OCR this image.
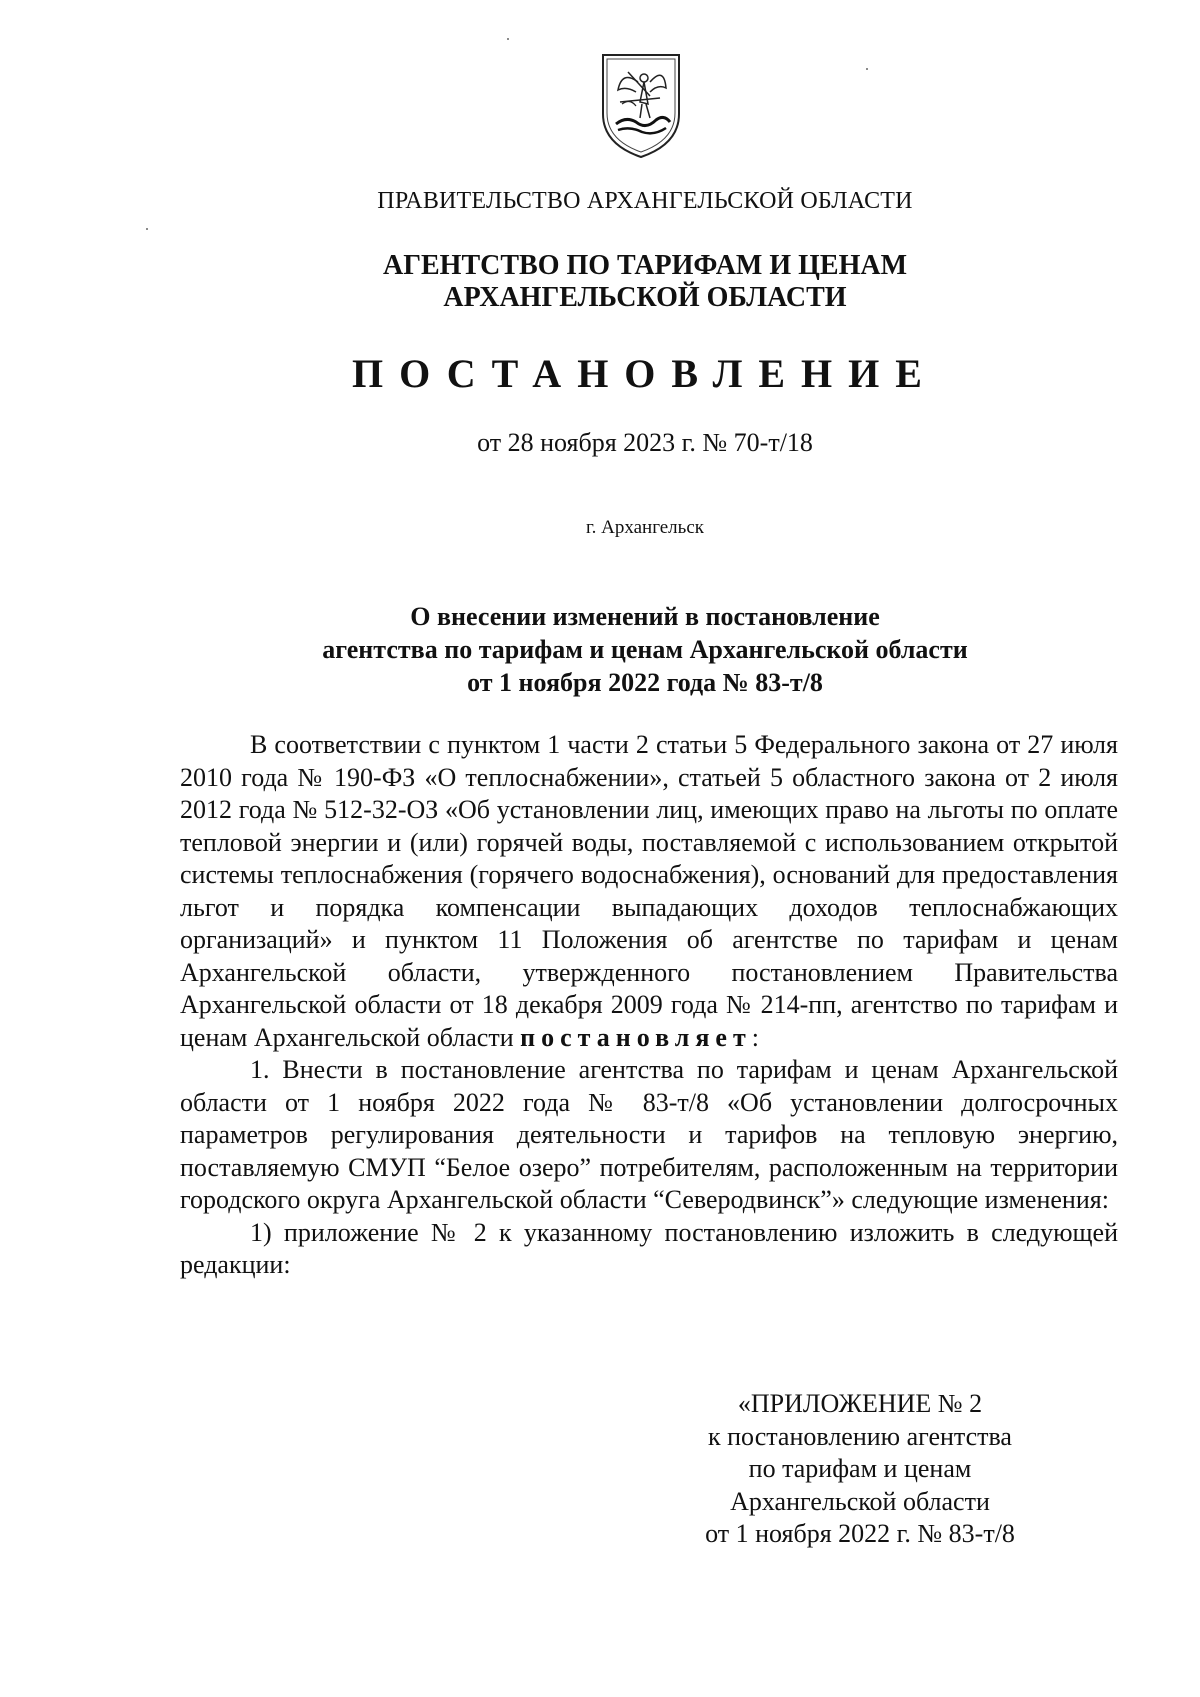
ПРАВИТЕЛЬСТВО АРХАНГЕЛЬСКОЙ ОБЛАСТИ
АГЕНТСТВО ПО ТАРИФАМ И ЦЕНАМ
АРХАНГЕЛЬСКОЙ ОБЛАСТИ
ПОСТАНОВЛЕНИЕ
от 28 ноября 2023 г. № 70-т/18
г. Архангельск
О внесении изменений в постановление
агентства по тарифам и ценам Архангельской области
от 1 ноября 2022 года № 83-т/8

В соответствии с пунктом 1 части 2 статьи 5 Федерального закона от 27 июля 2010 года № 190-ФЗ «О теплоснабжении», статьей 5 областного закона от 2 июля 2012 года № 512-32-ОЗ «Об установлении лиц, имеющих право на льготы по оплате тепловой энергии и (или) горячей воды, поставляемой с использованием открытой системы теплоснабжения (горячего водоснабжения), оснований для предоставления льгот и порядка компенсации выпадающих доходов теплоснабжающих организаций» и пунктом 11 Положения об агентстве по тарифам и ценам Архангельской области, утвержденного постановлением Правительства Архангельской области от 18 декабря 2009 года № 214-пп, агентство по тарифам и ценам Архангельской области постановляет:

1. Внести в постановление агентства по тарифам и ценам Архангельской области от 1 ноября 2022 года № 83-т/8 «Об установлении долгосрочных параметров регулирования деятельности и тарифов на тепловую энергию, поставляемую СМУП “Белое озеро” потребителям, расположенным на территории городского округа Архангельской области “Северодвинск”» следующие изменения:

1) приложение № 2 к указанному постановлению изложить в следующей редакции:

«ПРИЛОЖЕНИЕ № 2
к постановлению агентства
по тарифам и ценам
Архангельской области
от 1 ноября 2022 г. № 83-т/8
